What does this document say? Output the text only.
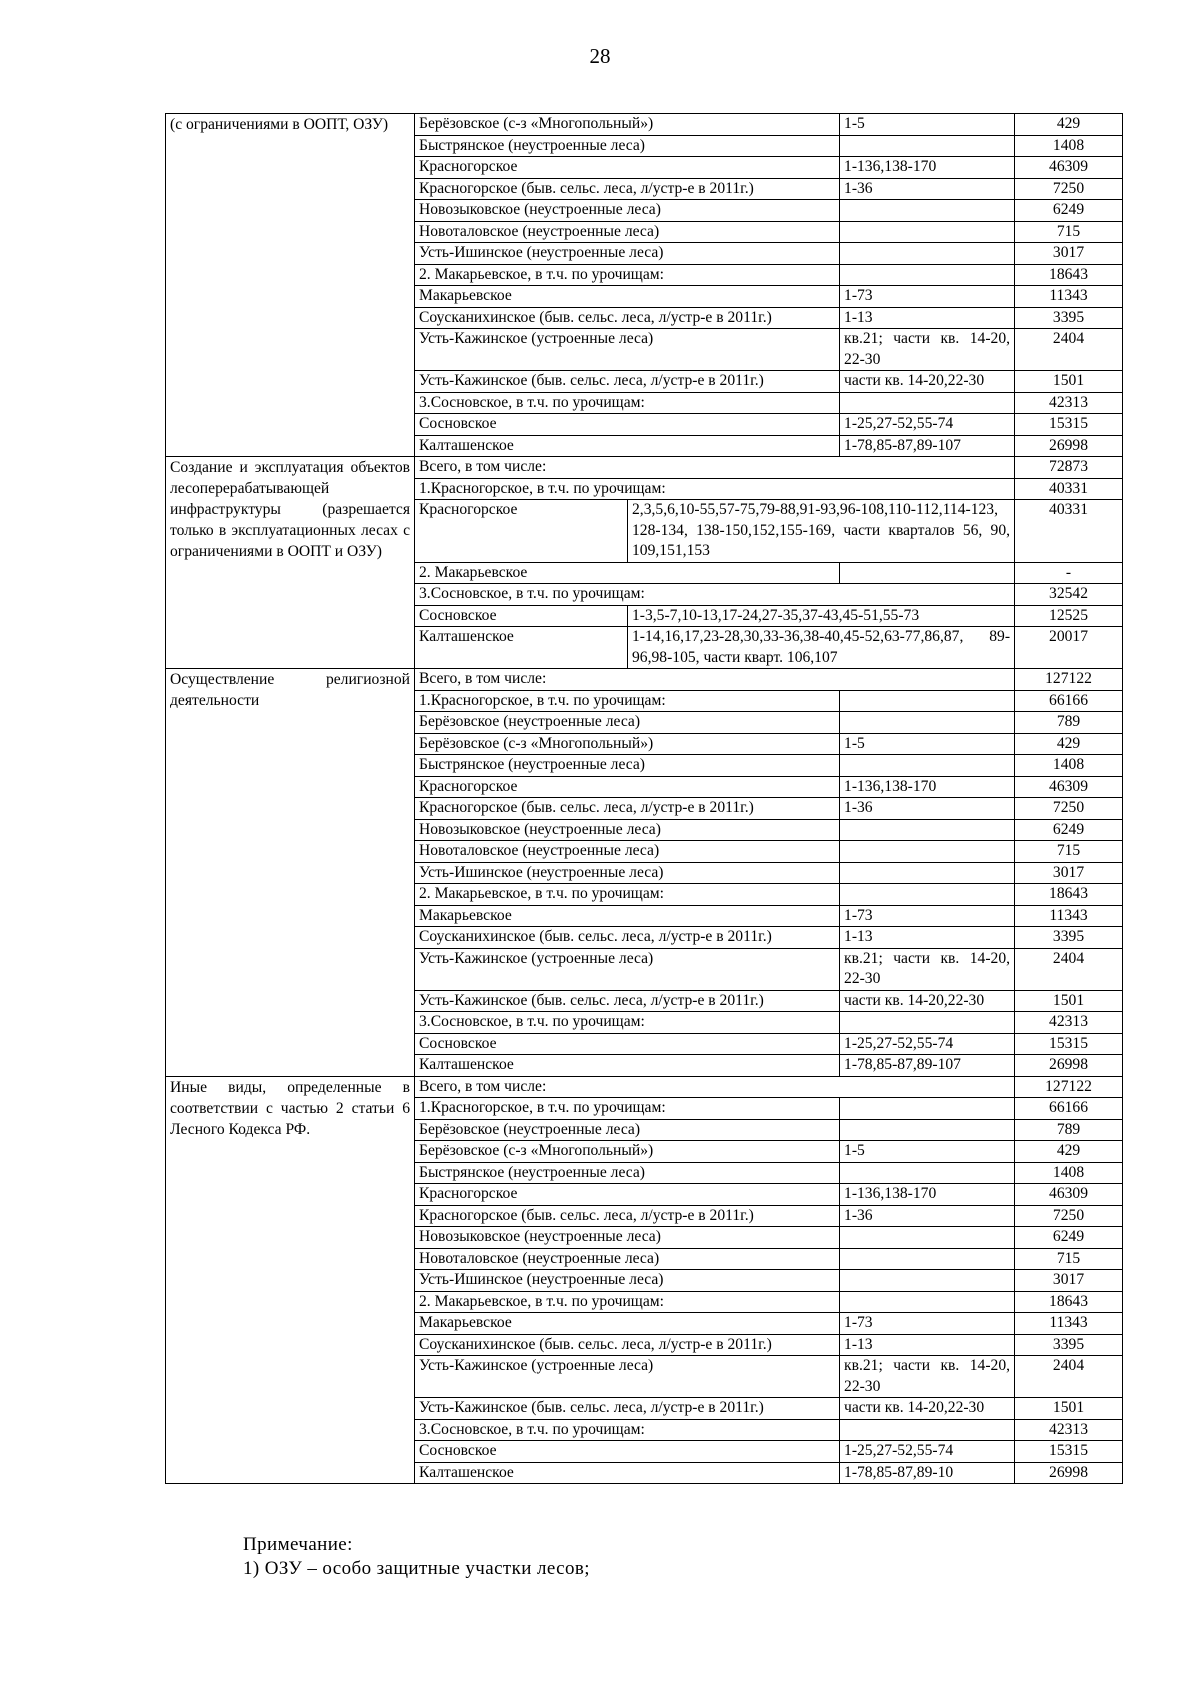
28
(с ограничениями в ООПТ, ОЗУ)	Берёзовское (с-з «Многопольный»)		1-5	429
	Быстрянское (неустроенные леса)			1408
	Красногорское		1-136,138-170	46309
	Красногорское (быв. сельс. леса, л/устр-е в 2011г.)		1-36	7250
	Новозыковское (неустроенные леса)			6249
	Новоталовское (неустроенные леса)			715
	Усть-Ишинское (неустроенные леса)			3017
	2. Макарьевское, в т.ч. по урочищам:			18643
	Макарьевское		1-73	11343
	Соусканихинское (быв. сельс. леса, л/устр-е в 2011г.)		1-13	3395
	Усть-Кажинское (устроенные леса)		кв.21; части кв. 14-20, 22-30	2404
	Усть-Кажинское (быв. сельс. леса, л/устр-е в 2011г.)		части кв. 14-20,22-30	1501
	3.Сосновское, в т.ч. по урочищам:			42313
	Сосновское		1-25,27-52,55-74	15315
	Калташенское		1-78,85-87,89-107	26998
Создание и эксплуатация объектов лесоперерабатывающей инфраструктуры (разрешается только в эксплуатационных лесах с ограничениями в ООПТ и ОЗУ)	Всего, в том числе:			72873
	1.Красногорское, в т.ч. по урочищам:			40331
	Красногорское	2,3,5,6,10-55,57-75,79-88,91-93,96-108,110-112,114-123, 128-134, 138-150,152,155-169, части кварталов 56, 90, 109,151,153		40331
	2. Макарьевское			-
	3.Сосновское, в т.ч. по урочищам:			32542
	Сосновское	1-3,5-7,10-13,17-24,27-35,37-43,45-51,55-73		12525
	Калташенское	1-14,16,17,23-28,30,33-36,38-40,45-52,63-77,86,87, 89-96,98-105, части кварт. 106,107		20017
Осуществление религиозной деятельности	Всего, в том числе:			127122
	1.Красногорское, в т.ч. по урочищам:			66166
	Берёзовское (неустроенные леса)			789
	Берёзовское (с-з «Многопольный»)		1-5	429
	Быстрянское (неустроенные леса)			1408
	Красногорское		1-136,138-170	46309
	Красногорское (быв. сельс. леса, л/устр-е в 2011г.)		1-36	7250
	Новозыковское (неустроенные леса)			6249
	Новоталовское (неустроенные леса)			715
	Усть-Ишинское (неустроенные леса)			3017
	2. Макарьевское, в т.ч. по урочищам:			18643
	Макарьевское		1-73	11343
	Соусканихинское (быв. сельс. леса, л/устр-е в 2011г.)		1-13	3395
	Усть-Кажинское (устроенные леса)		кв.21; части кв. 14-20, 22-30	2404
	Усть-Кажинское (быв. сельс. леса, л/устр-е в 2011г.)		части кв. 14-20,22-30	1501
	3.Сосновское, в т.ч. по урочищам:			42313
	Сосновское		1-25,27-52,55-74	15315
	Калташенское		1-78,85-87,89-107	26998
Иные виды, определенные в соответствии с частью 2 статьи 6 Лесного Кодекса РФ.	Всего, в том числе:			127122
	1.Красногорское, в т.ч. по урочищам:			66166
	Берёзовское (неустроенные леса)			789
	Берёзовское (с-з «Многопольный»)		1-5	429
	Быстрянское (неустроенные леса)			1408
	Красногорское		1-136,138-170	46309
	Красногорское (быв. сельс. леса, л/устр-е в 2011г.)		1-36	7250
	Новозыковское (неустроенные леса)			6249
	Новоталовское (неустроенные леса)			715
	Усть-Ишинское (неустроенные леса)			3017
	2. Макарьевское, в т.ч. по урочищам:			18643
	Макарьевское		1-73	11343
	Соусканихинское (быв. сельс. леса, л/устр-е в 2011г.)		1-13	3395
	Усть-Кажинское (устроенные леса)		кв.21; части кв. 14-20, 22-30	2404
	Усть-Кажинское (быв. сельс. леса, л/устр-е в 2011г.)		части кв. 14-20,22-30	1501
	3.Сосновское, в т.ч. по урочищам:			42313
	Сосновское		1-25,27-52,55-74	15315
	Калташенское		1-78,85-87,89-10	26998
Примечание:
1) ОЗУ – особо защитные участки лесов;
